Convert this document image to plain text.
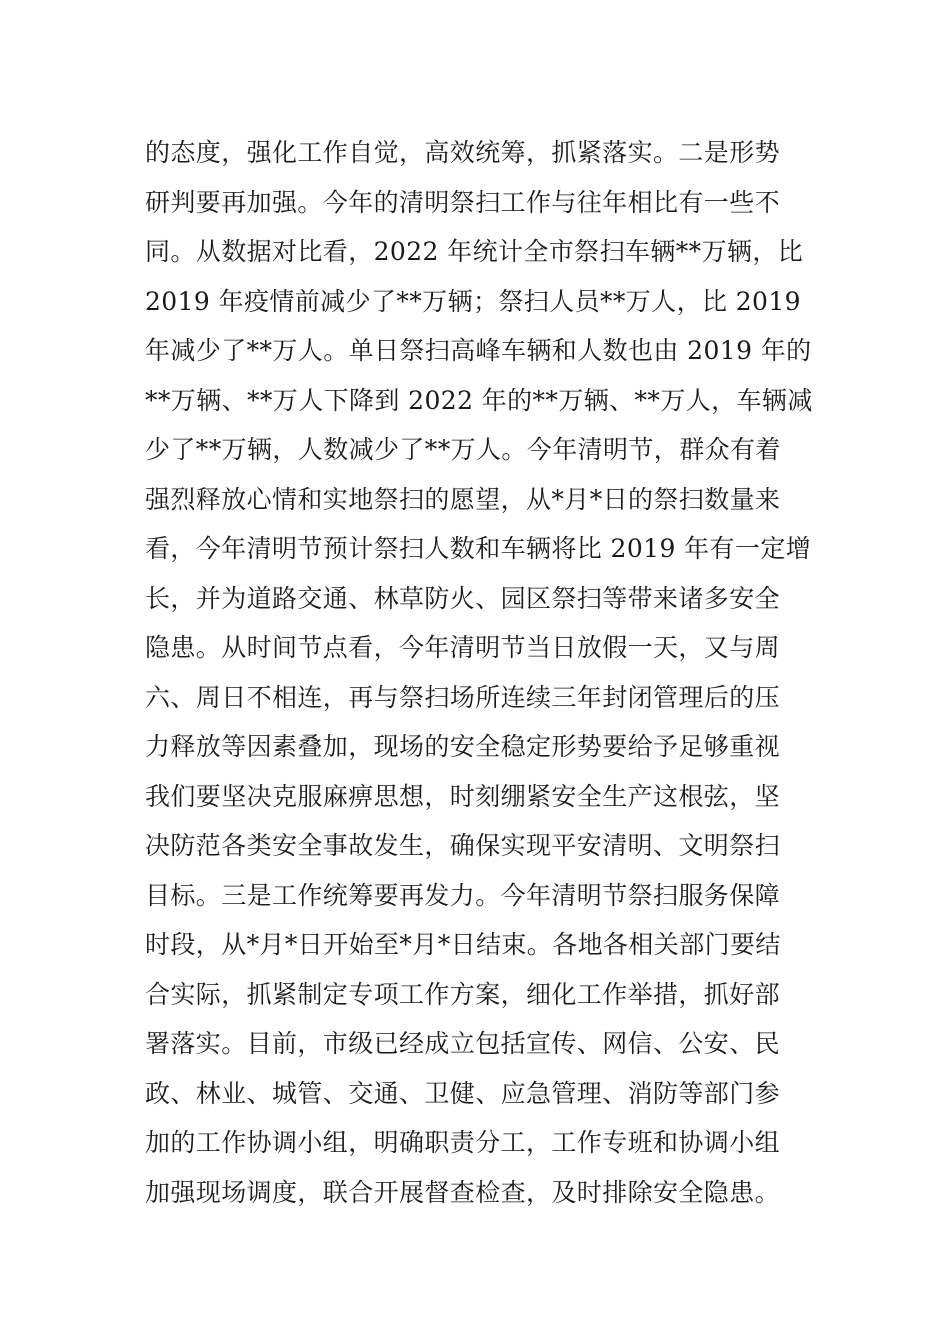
的态度，强化工作自觉，高效统筹，抓紧落实。二是形势
研判要再加强。今年的清明祭扫工作与往年相比有一些不
同。从数据对比看，2022 年统计全市祭扫车辆**万辆，比
2019 年疫情前减少了**万辆；祭扫人员**万人，比 2019
年减少了**万人。单日祭扫高峰车辆和人数也由 2019 年的
**万辆、**万人下降到 2022 年的**万辆、**万人，车辆减
少了**万辆，人数减少了**万人。今年清明节，群众有着
强烈释放心情和实地祭扫的愿望，从*月*日的祭扫数量来
看，今年清明节预计祭扫人数和车辆将比 2019 年有一定增
长，并为道路交通、林草防火、园区祭扫等带来诸多安全
隐患。从时间节点看，今年清明节当日放假一天，又与周
六、周日不相连，再与祭扫场所连续三年封闭管理后的压
力释放等因素叠加，现场的安全稳定形势要给予足够重视
我们要坚决克服麻痹思想，时刻绷紧安全生产这根弦，坚
决防范各类安全事故发生，确保实现平安清明、文明祭扫
目标。三是工作统筹要再发力。今年清明节祭扫服务保障
时段，从*月*日开始至*月*日结束。各地各相关部门要结
合实际，抓紧制定专项工作方案，细化工作举措，抓好部
署落实。目前，市级已经成立包括宣传、网信、公安、民
政、林业、城管、交通、卫健、应急管理、消防等部门参
加的工作协调小组，明确职责分工，工作专班和协调小组
加强现场调度，联合开展督查检查，及时排除安全隐患。
